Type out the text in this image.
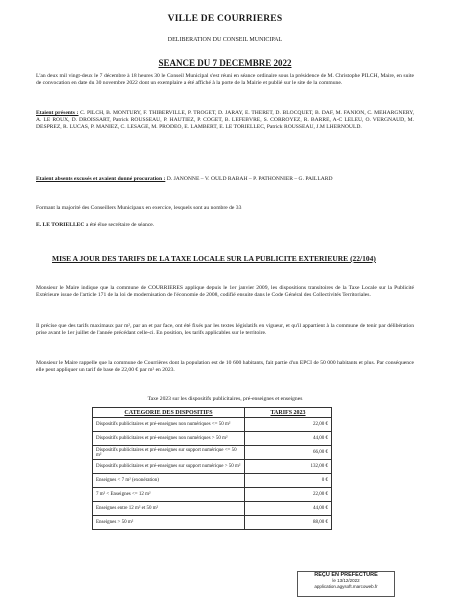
VILLE DE COURRIERES
DELIBERATION DU CONSEIL MUNICIPAL
SEANCE DU 7 DECEMBRE 2022
L'an deux mil vingt-deux le 7 décembre à 18 heures 30 le Conseil Municipal s'est réuni en séance ordinaire sous la présidence de M. Christophe PILCH, Maire, en suite de convocation en date du 30 novembre 2022 dont un exemplaire a été affiché à la porte de la Mairie et publié sur le site de la commune.
Etaient présents : C. PILCH, B. MONTURY, F. THIBERVILLE, P. TROGET, D. JARAY, E. THERET, D. BLOCQUET, B. DAF, M. FANION, C. MEHARGNERY, A. LE ROUX, D. DROISSART, Patrick ROUSSEAU, P. HAUTIEZ, P. COGET, B. LEFEBVRE, S. CORROYEZ, R. BARRE, A-C LELEU, O. VERGNAUD, M. DESPREZ, R. LUCAS, P. MANIEZ, C. LESAGE, M. PRODEO, E. LAMBERT, E. LE TORIELLEC, Patrick ROUSSEAU, J.M LHERNOULD.
Etaient absents excusés et avaient donné procuration : D. JANONNE – V. OULD RABAH – P. PATHONNIER – G. PAILLARD
Formant la majorité des Conseillers Municipaux en exercice, lesquels sont au nombre de 33
E. LE TORIELLEC a été élue secrétaire de séance.
MISE A JOUR DES TARIFS DE LA TAXE LOCALE SUR LA PUBLICITE EXTERIEURE (22/104)
Monsieur le Maire indique que la commune de COURRIERES applique depuis le 1er janvier 2009, les dispositions transitoires de la Taxe Locale sur la Publicité Extérieure issue de l'article 171 de la loi de modernisation de l'économie de 2008, codifié ensuite dans le Code Général des Collectivités Territoriales.
Il précise que des tarifs maximaux par m², par an et par face, ont été fixés par les textes législatifs en vigueur, et qu'il appartient à la commune de tenir par délibération prise avant le 1er juillet de l'année précédant celle-ci. En position, les tarifs applicables sur le territoire.
Monsieur le Maire rappelle que la commune de Courrières dont la population est de 10 600 habitants, fait partie d'un EPCI de 50 000 habitants et plus. Par conséquence elle peut appliquer un tarif de base de 22,00 € par m² en 2023.
Taxe 2023 sur les dispositifs publicitaires, pré-enseignes et enseignes
CATEGORIE DES DISPOSITIFS	TARIFS 2023
Dispositifs publicitaires et pré-enseignes non numériques <= 50 m²	22,00 €
Dispositifs publicitaires et pré-enseignes non numériques > 50 m²	44,00 €
Dispositifs publicitaires et pré-enseignes sur support numérique <= 50 m²	66,00 €
Dispositifs publicitaires et pré-enseignes sur support numérique > 50 m²	132,00 €
Enseignes < 7 m² (exonération)	0 €
7 m² < Enseignes <= 12 m²	22,00 €
Enseignes entre 12 m² et 50 m²	44,00 €
Enseignes > 50 m²	88,00 €
REÇU EN PREFECTURE
le 13/12/2022
application.agysoft.marcoweb.fr
